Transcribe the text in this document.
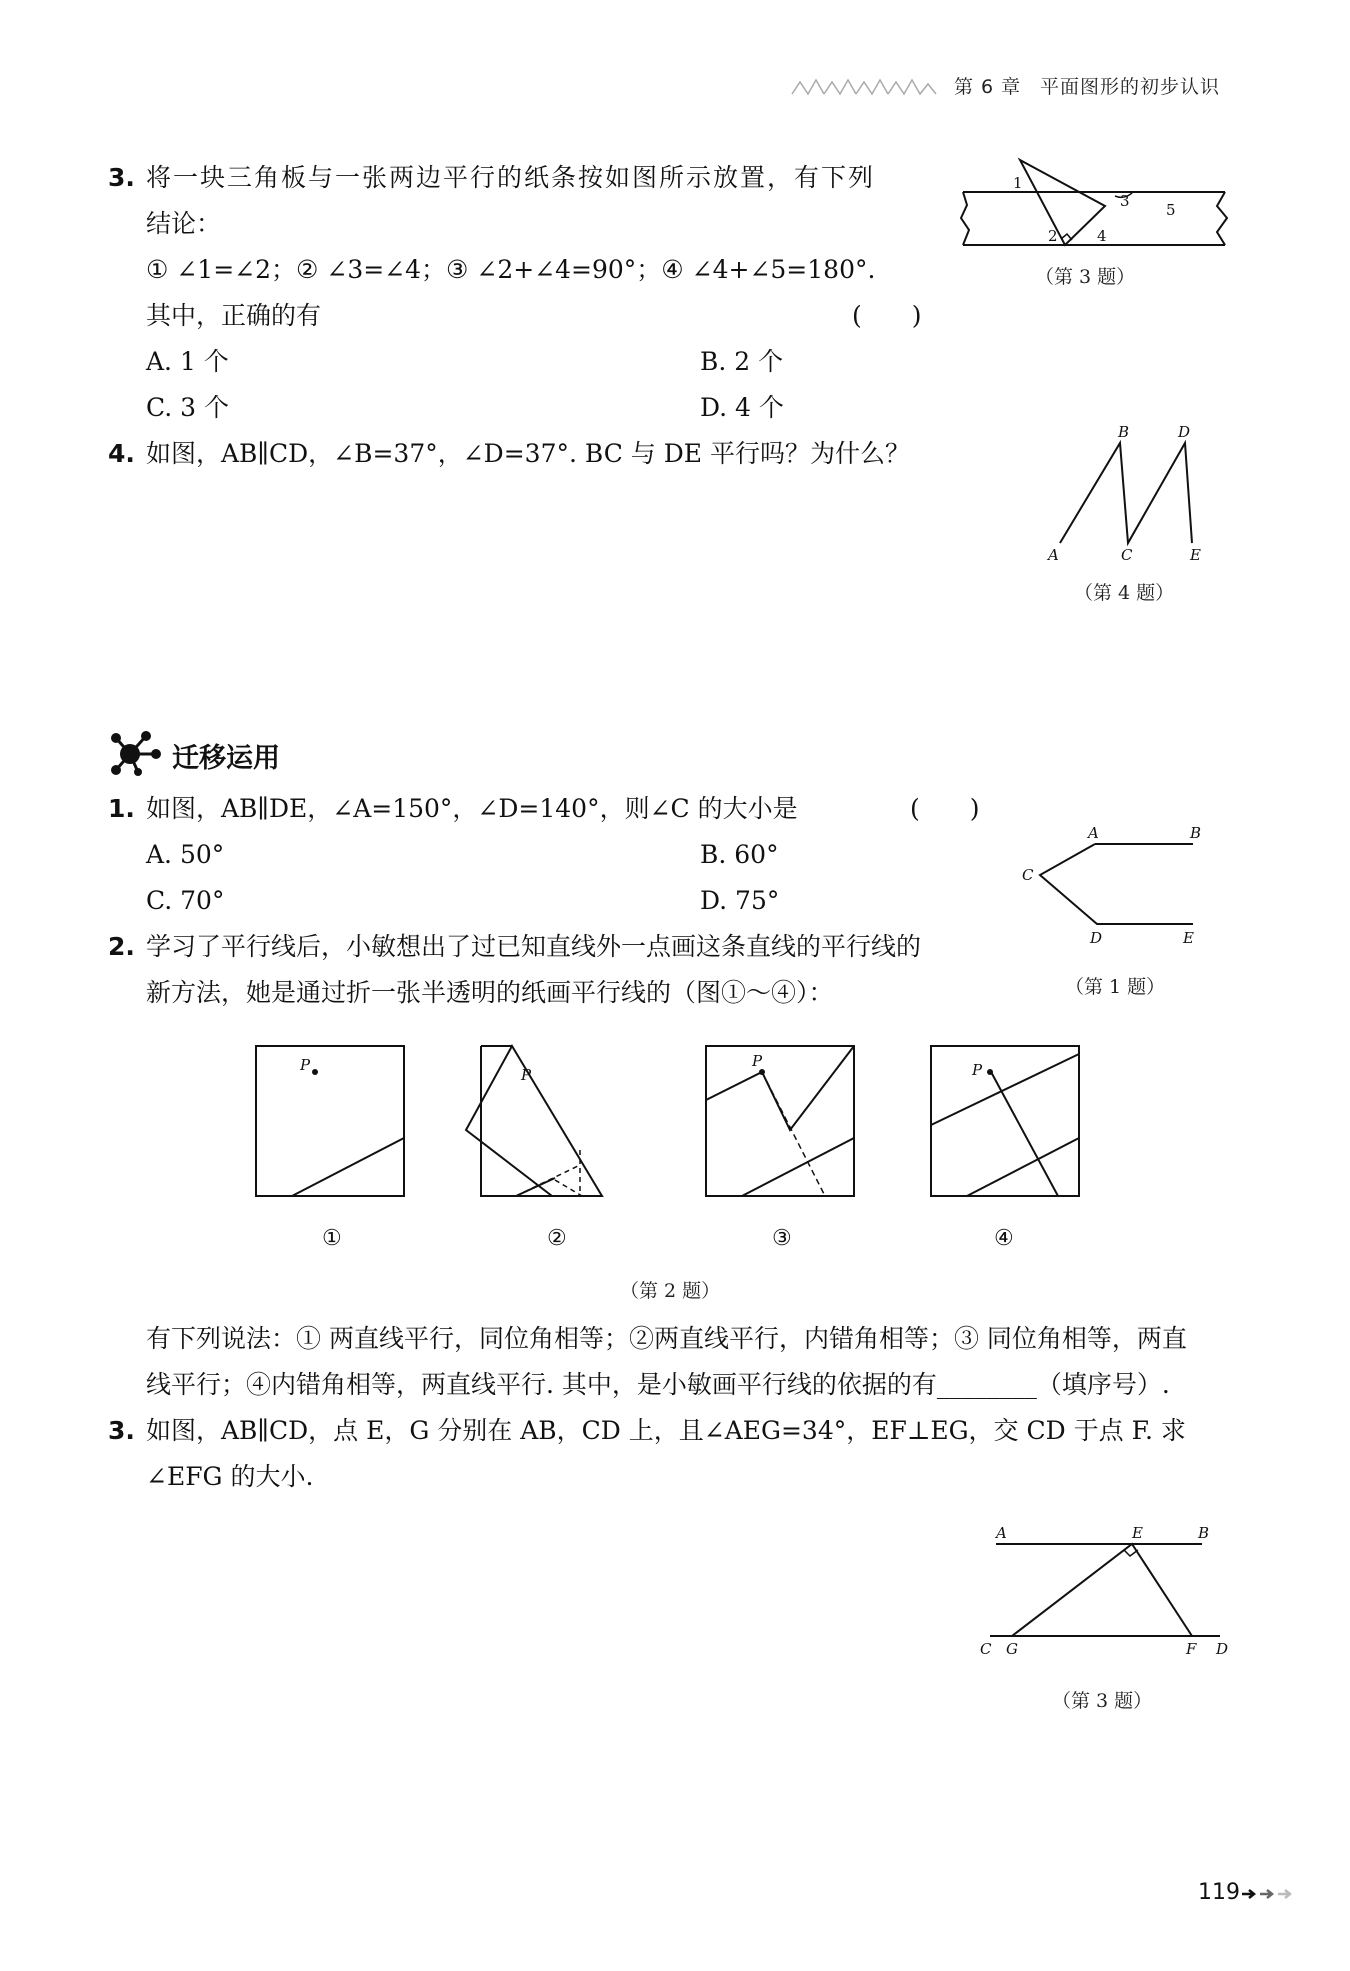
第 6 章 平面图形的初步认识
3. 将一块三角板与一张两边平行的纸条按如图所示放置，有下列
结论：
① ∠1=∠2；② ∠3=∠4；③ ∠2+∠4=90°；④ ∠4+∠5=180°.
其中，正确的有	(　　)
A. 1 个	B. 2 个
C. 3 个	D. 4 个
1
2
3
4
5
（第 3 题）
4. 如图，AB∥CD，∠B=37°，∠D=37°. BC 与 DE 平行吗？为什么？
A
B
C
D
E
（第 4 题）
迁移运用
1. 如图，AB∥DE，∠A=150°，∠D=140°，则∠C 的大小是	(　　)
A. 50°	B. 60°
C. 70°	D. 75°
A	B
C
D	E
（第 1 题）
2. 学习了平行线后，小敏想出了过已知直线外一点画这条直线的平行线的
新方法，她是通过折一张半透明的纸画平行线的（图①～④）：
P
P
P	P
①	②	③	④
（第 2 题）
有下列说法：① 两直线平行，同位角相等；②两直线平行，内错角相等；③ 同位角相等，两直
线平行；④内错角相等，两直线平行. 其中，是小敏画平行线的依据的有________（填序号）.
3. 如图，AB∥CD，点 E，G 分别在 AB，CD 上，且∠AEG=34°，EF⊥EG，交 CD 于点 F. 求
∠EFG 的大小.
A	E	B
C G	F D
（第 3 题）
119
